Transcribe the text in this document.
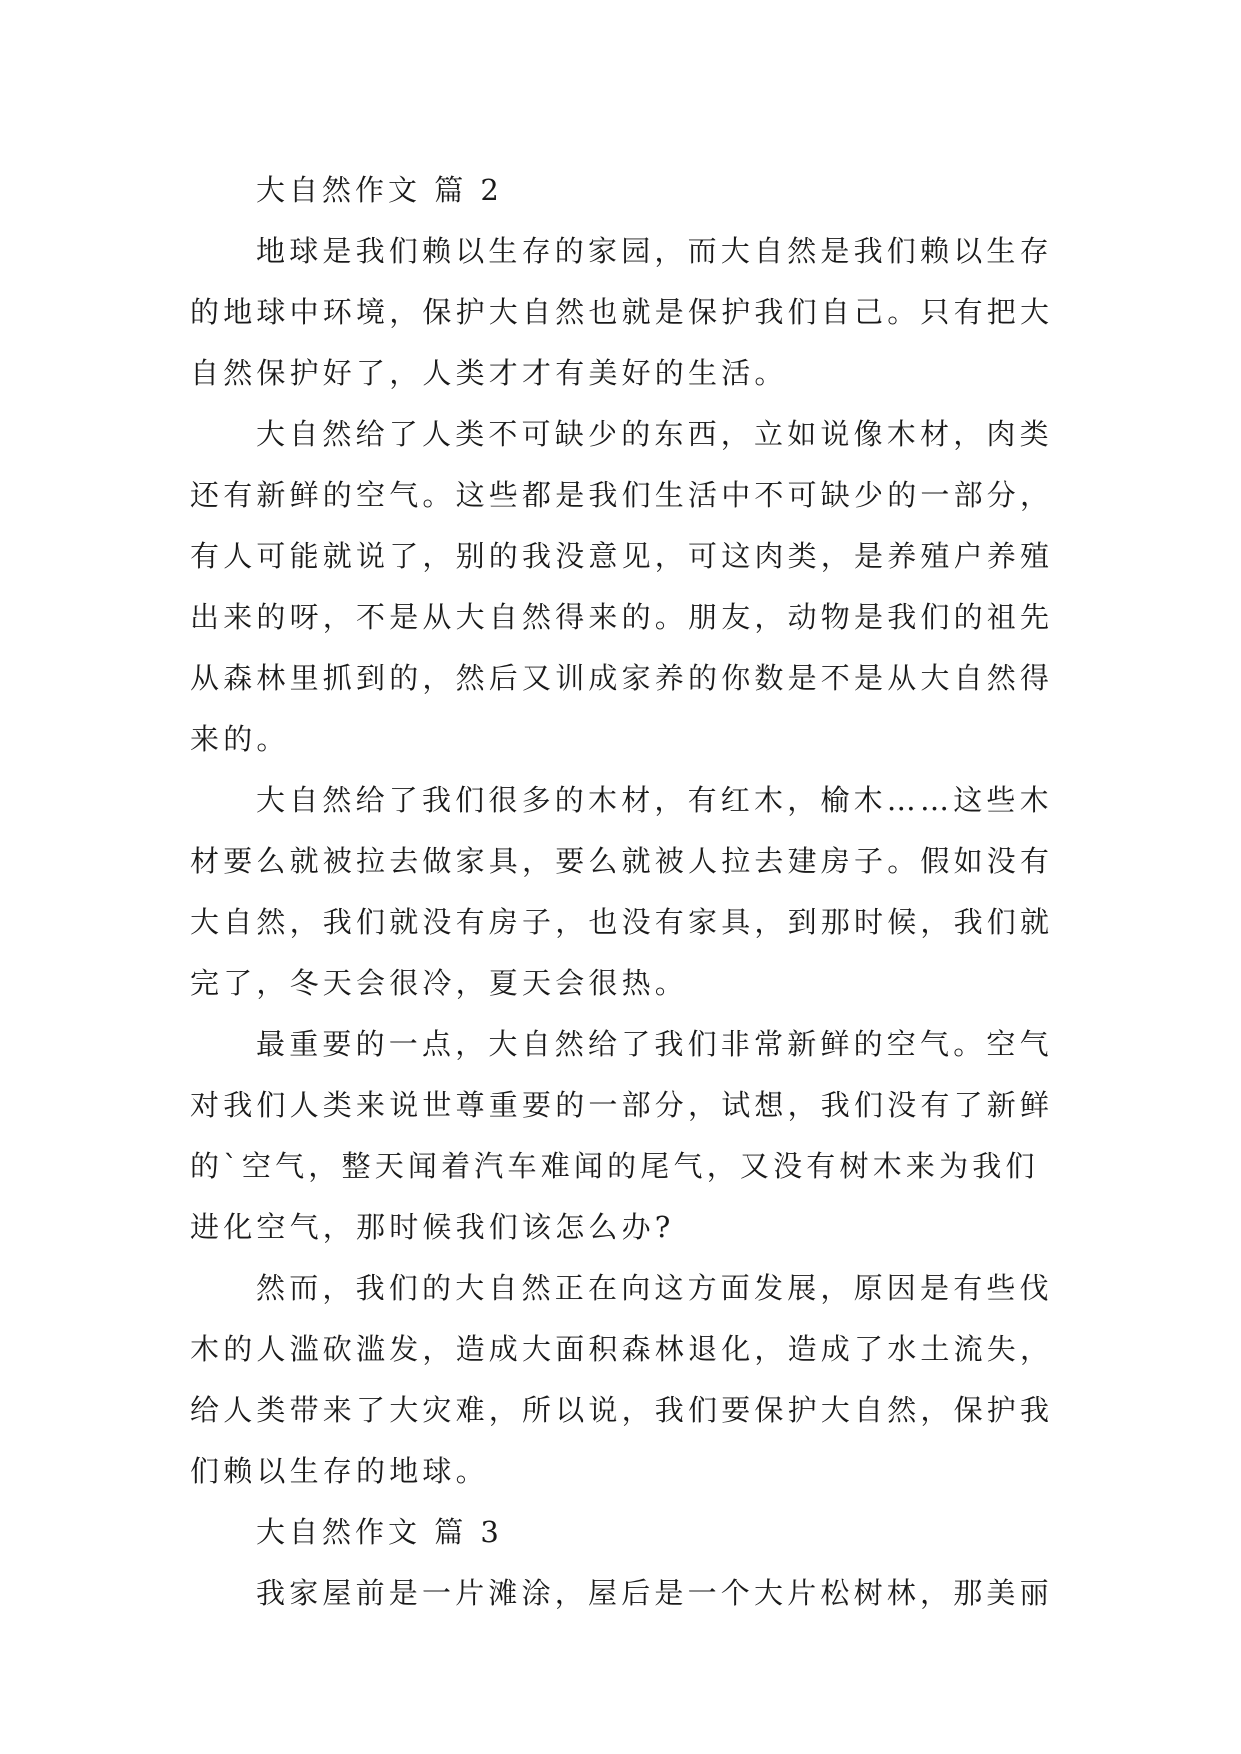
大自然作文 篇 2
地球是我们赖以生存的家园，而大自然是我们赖以生存
的地球中环境，保护大自然也就是保护我们自己。只有把大
自然保护好了，人类才才有美好的生活。
大自然给了人类不可缺少的东西，立如说像木材，肉类
还有新鲜的空气。这些都是我们生活中不可缺少的一部分，
有人可能就说了，别的我没意见，可这肉类，是养殖户养殖
出来的呀，不是从大自然得来的。朋友，动物是我们的祖先
从森林里抓到的，然后又训成家养的你数是不是从大自然得
来的。
大自然给了我们很多的木材，有红木，榆木……这些木
材要么就被拉去做家具，要么就被人拉去建房子。假如没有
大自然，我们就没有房子，也没有家具，到那时候，我们就
完了，冬天会很冷，夏天会很热。
最重要的一点，大自然给了我们非常新鲜的空气。空气
对我们人类来说世尊重要的一部分，试想，我们没有了新鲜
的`空气，整天闻着汽车难闻的尾气，又没有树木来为我们
进化空气，那时候我们该怎么办?
然而，我们的大自然正在向这方面发展，原因是有些伐
木的人滥砍滥发，造成大面积森林退化，造成了水土流失，
给人类带来了大灾难，所以说，我们要保护大自然，保护我
们赖以生存的地球。
大自然作文 篇 3
我家屋前是一片滩涂，屋后是一个大片松树林，那美丽
